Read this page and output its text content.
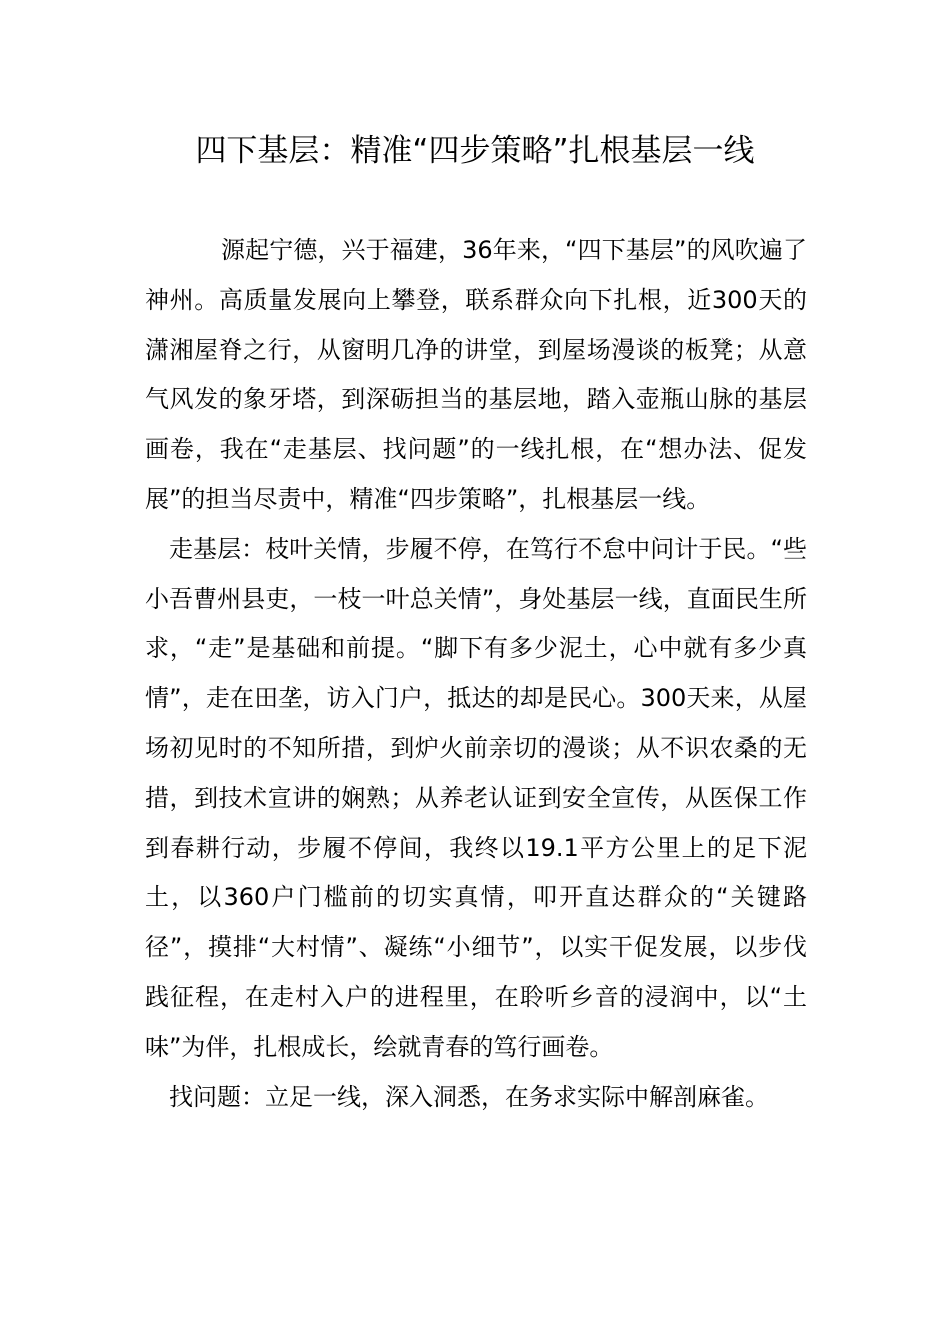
四下基层：精准“四步策略”扎根基层一线

源起宁德，兴于福建，36年来，“四下基层”的风吹遍了神州。高质量发展向上攀登，联系群众向下扎根，近300天的潇湘屋脊之行，从窗明几净的讲堂，到屋场漫谈的板凳；从意气风发的象牙塔，到深砺担当的基层地，踏入壶瓶山脉的基层画卷，我在“走基层、找问题”的一线扎根，在“想办法、促发展”的担当尽责中，精准“四步策略”，扎根基层一线。

走基层：枝叶关情，步履不停，在笃行不怠中问计于民。“些小吾曹州县吏，一枝一叶总关情”，身处基层一线，直面民生所求，“走”是基础和前提。“脚下有多少泥土，心中就有多少真情”，走在田垄，访入门户，抵达的却是民心。300天来，从屋场初见时的不知所措，到炉火前亲切的漫谈；从不识农桑的无措，到技术宣讲的娴熟；从养老认证到安全宣传，从医保工作到春耕行动，步履不停间，我终以19.1平方公里上的足下泥土，以360户门槛前的切实真情，叩开直达群众的“关键路径”，摸排“大村情”、凝练“小细节”，以实干促发展，以步伐践征程，在走村入户的进程里，在聆听乡音的浸润中，以“土味”为伴，扎根成长，绘就青春的笃行画卷。

找问题：立足一线，深入洞悉，在务求实际中解剖麻雀。
